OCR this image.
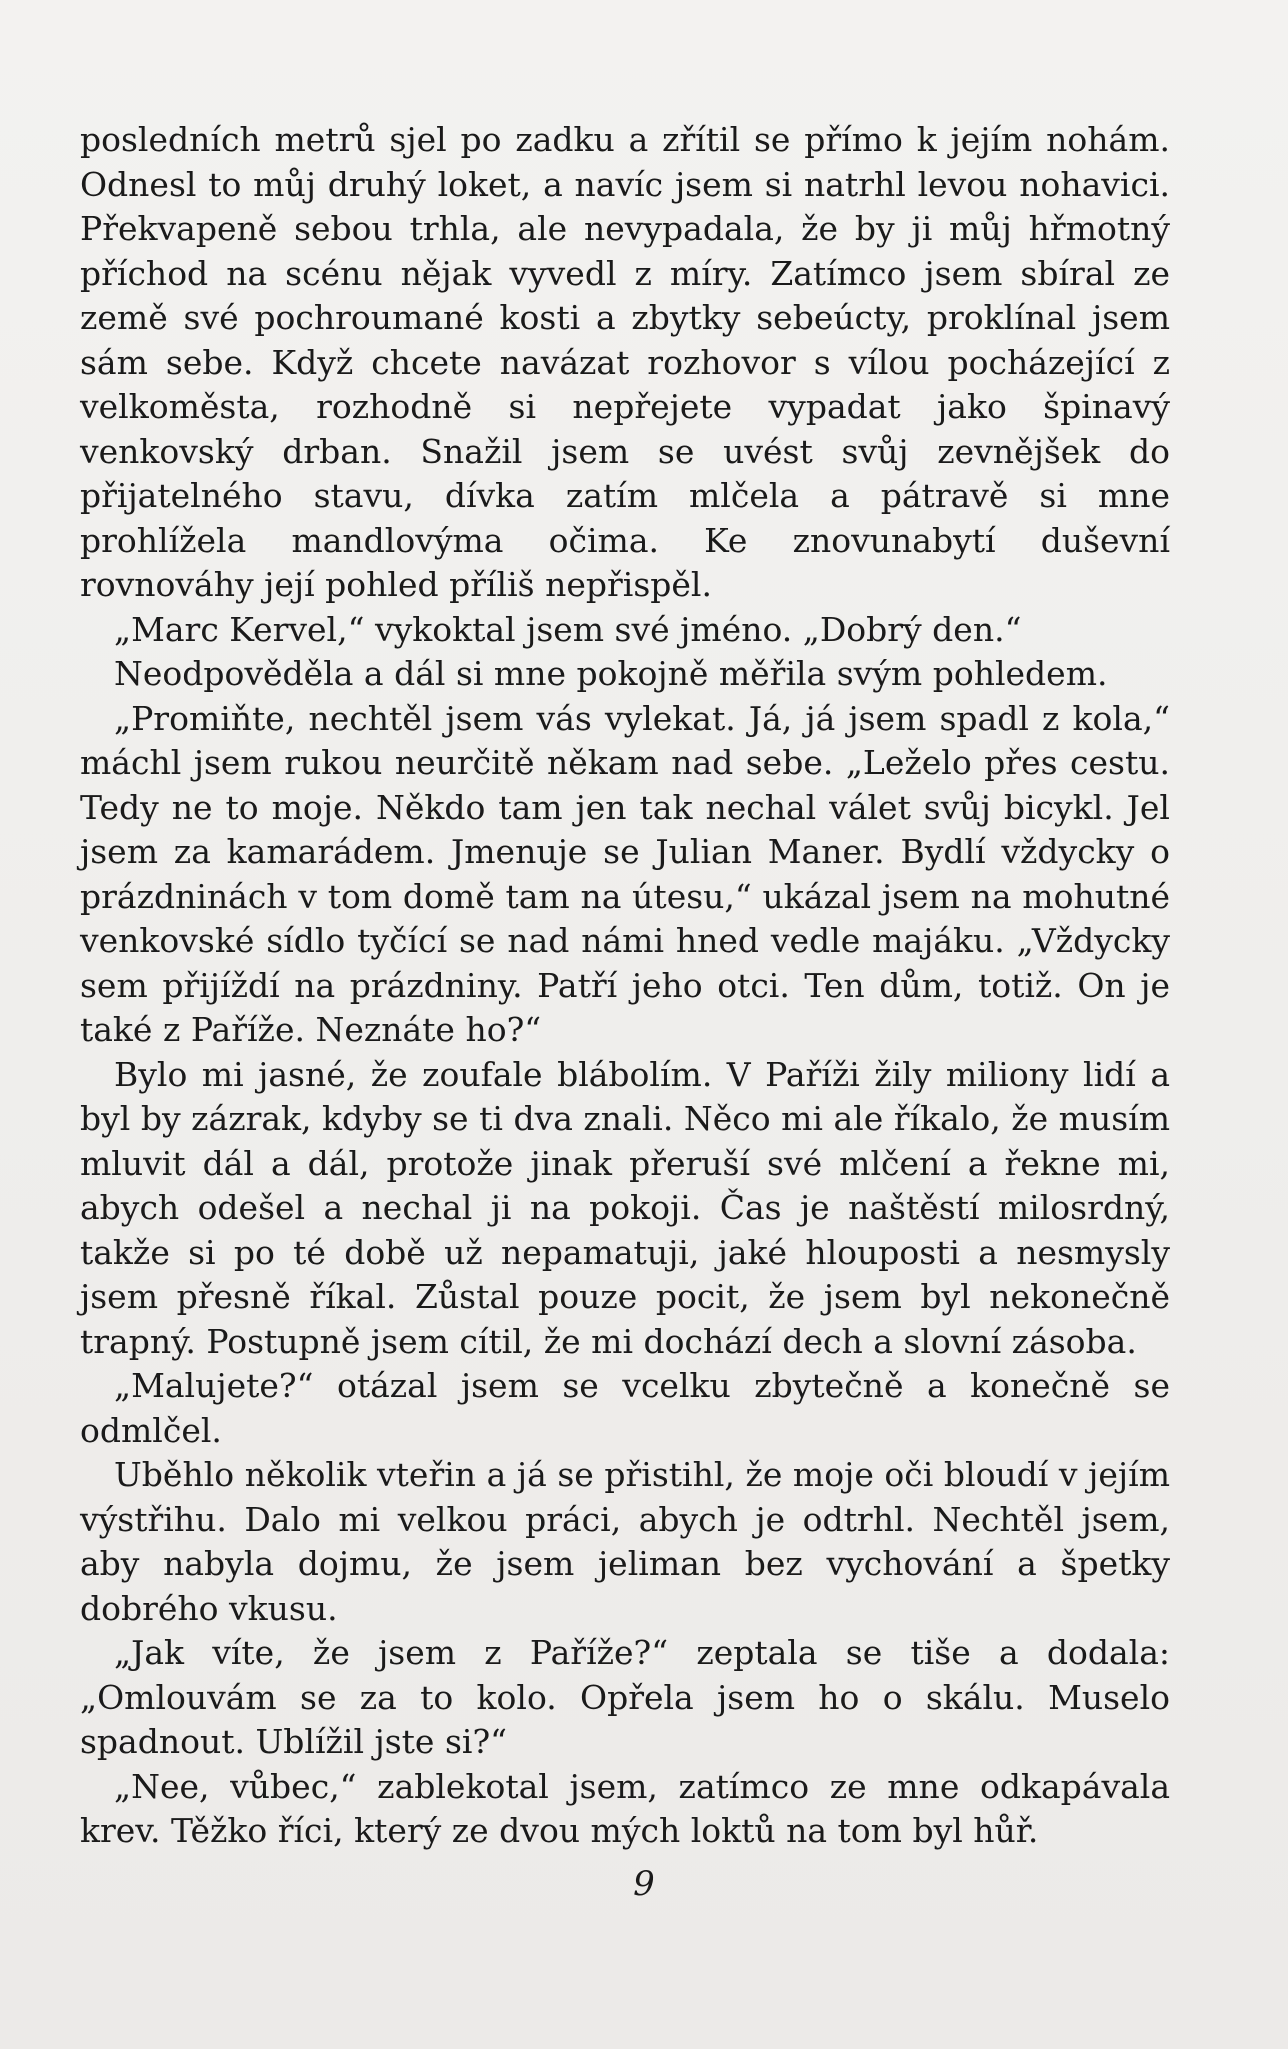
posledních metrů sjel po zadku a zřítil se přímo k jejím nohám. Odnesl to můj druhý loket, a navíc jsem si natrhl levou nohavici. Překvapeně sebou trhla, ale nevypadala, že by ji můj hřmotný příchod na scénu nějak vyvedl z míry. Zatímco jsem sbíral ze země své pochroumané kosti a zbytky sebeúcty, proklínal jsem sám sebe. Když chcete navázat rozhovor s vílou pocházející z velkoměsta, rozhodně si nepřejete vypadat jako špinavý venkovský drban. Snažil jsem se uvést svůj zevnějšek do přijatelného stavu, dívka zatím mlčela a pátravě si mne prohlížela mandlovýma očima. Ke znovunabytí duševní rovnováhy její pohled příliš nepřispěl.

„Marc Kervel,“ vykoktal jsem své jméno. „Dobrý den.“

Neodpověděla a dál si mne pokojně měřila svým pohledem.

„Promiňte, nechtěl jsem vás vylekat. Já, já jsem spadl z kola,“ máchl jsem rukou neurčitě někam nad sebe. „Leželo přes cestu. Tedy ne to moje. Někdo tam jen tak nechal válet svůj bicykl. Jel jsem za kamarádem. Jmenuje se Julian Maner. Bydlí vždycky o prázdninách v tom domě tam na útesu,“ ukázal jsem na mohutné venkovské sídlo tyčící se nad námi hned vedle majáku. „Vždycky sem přijíždí na prázdniny. Patří jeho otci. Ten dům, totiž. On je také z Paříže. Neznáte ho?“

Bylo mi jasné, že zoufale blábolím. V Paříži žily miliony lidí a byl by zázrak, kdyby se ti dva znali. Něco mi ale říkalo, že musím mluvit dál a dál, protože jinak přeruší své mlčení a řekne mi, abych odešel a nechal ji na pokoji. Čas je naštěstí milosrdný, takže si po té době už nepamatuji, jaké hlouposti a nesmysly jsem přesně říkal. Zůstal pouze pocit, že jsem byl nekonečně trapný. Postupně jsem cítil, že mi dochází dech a slovní zásoba.

„Malujete?“ otázal jsem se vcelku zbytečně a konečně se odmlčel.

Uběhlo několik vteřin a já se přistihl, že moje oči bloudí v jejím výstřihu. Dalo mi velkou práci, abych je odtrhl. Nechtěl jsem, aby nabyla dojmu, že jsem jeliman bez vychování a špetky dobrého vkusu.

„Jak víte, že jsem z Paříže?“ zeptala se tiše a dodala: „Omlouvám se za to kolo. Opřela jsem ho o skálu. Muselo spadnout. Ublížil jste si?“

„Nee, vůbec,“ zablekotal jsem, zatímco ze mne odkapávala krev. Těžko říci, který ze dvou mých loktů na tom byl hůř.

9
